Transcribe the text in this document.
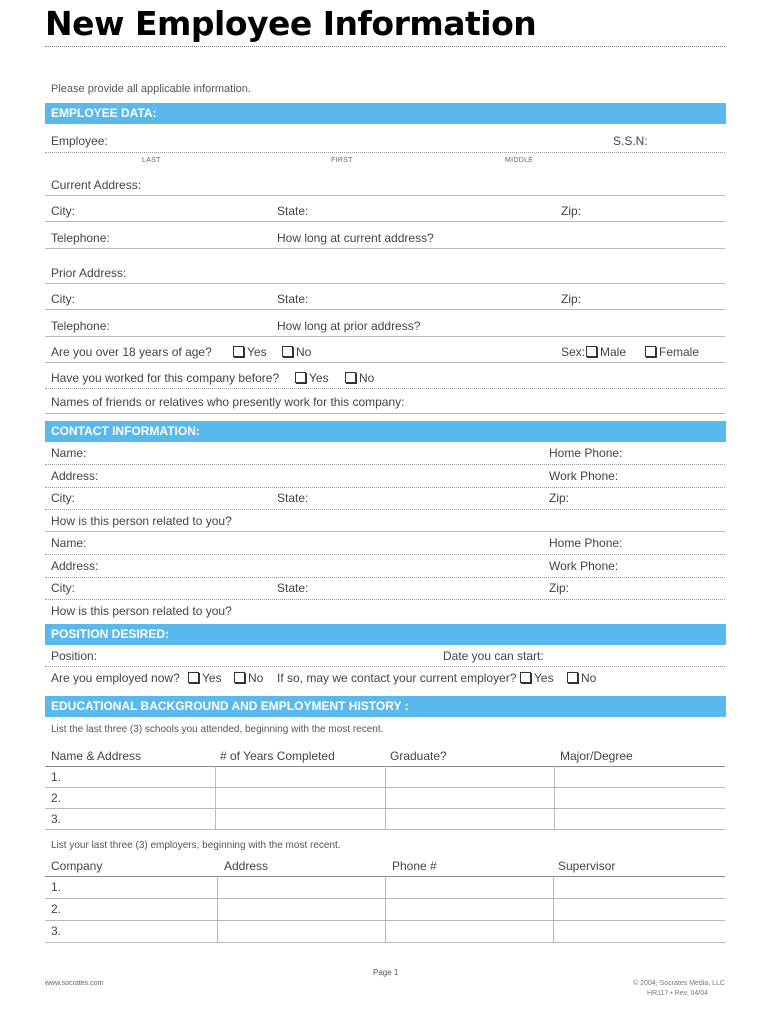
New Employee Information
Please provide all applicable information.
EMPLOYEE DATA:
Employee:	S.S.N:
LAST	FIRST	MIDDLE
Current Address:
City:	State:	Zip:
Telephone:	How long at current address?
Prior Address:
City:	State:	Zip:
Telephone:	How long at prior address?
Are you over 18 years of age?	Yes	No	Sex:	Male	Female
Have you worked for this company before?	Yes	No
Names of friends or relatives who presently work for this company:
CONTACT INFORMATION:
Name:	Home Phone:
Address:	Work Phone:
City:	State:	Zip:
How is this person related to you?
Name:	Home Phone:
Address:	Work Phone:
City:	State:	Zip:
How is this person related to you?
POSITION DESIRED:
Position:	Date you can start:
Are you employed now?	Yes	No If so, may we contact your current employer?	Yes	No
EDUCATIONAL BACKGROUND AND EMPLOYMENT HISTORY :
List the last three (3) schools you attended, beginning with the most recent.
Name & Address	# of Years Completed	Graduate?	Major/Degree
1.
2.
3.
List your last three (3) employers, beginning with the most recent.
Company	Address	Phone #	Supervisor
1.
2.
3.
Page 1
www.socrates.com	© 2004, Socrates Media, LLC
HR117 • Rev. 04/04
